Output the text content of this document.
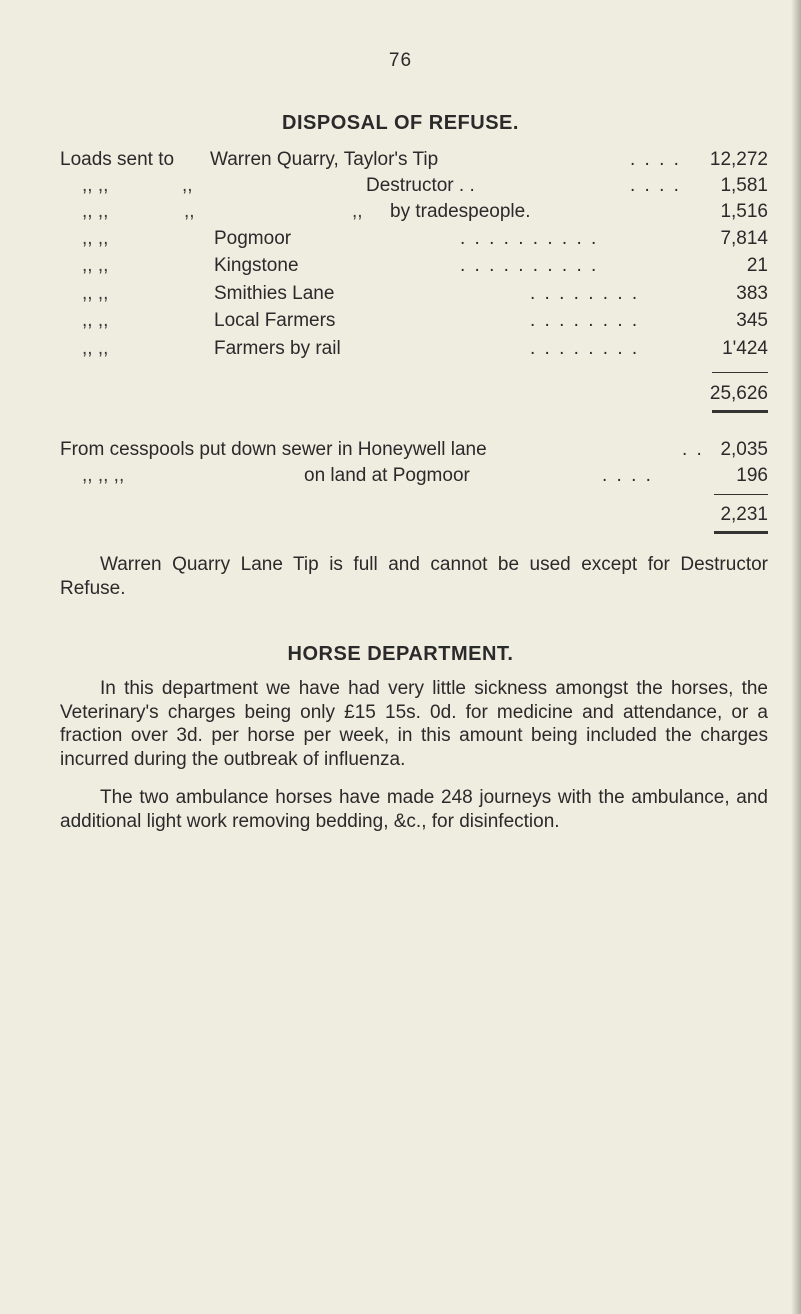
76
DISPOSAL OF REFUSE.
Loads sent to Warren Quarry, Taylor's Tip	. . . . 12,272
,, ,,	,,	Destructor . .	. . . . 1,581
,, ,,	,,	,, by tradespeople.	1,516
,, ,,	Pogmoor	. . . . . . . . . .	7,814
,, ,,	Kingstone	. . . . . . . . . .	21
,, ,,	Smithies Lane	. . . . . . . .	383
,, ,,	Local Farmers	. . . . . . . .	345
,, ,,	Farmers by rail	. . . . . . . .	1'424
25,626
From cesspools put down sewer in Honeywell lane	. . 2,035
,, ,, ,,	on land at Pogmoor	. . . .	196
2,231
Warren Quarry Lane Tip is full and cannot be used except for Destructor Refuse.
HORSE DEPARTMENT.
In this department we have had very little sickness amongst the horses, the Veterinary's charges being only £15 15s. 0d. for medicine and attendance, or a fraction over 3d. per horse per week, in this amount being included the charges incurred during the outbreak of influenza.
The two ambulance horses have made 248 journeys with the ambulance, and additional light work removing bedding, &c., for disinfection.
